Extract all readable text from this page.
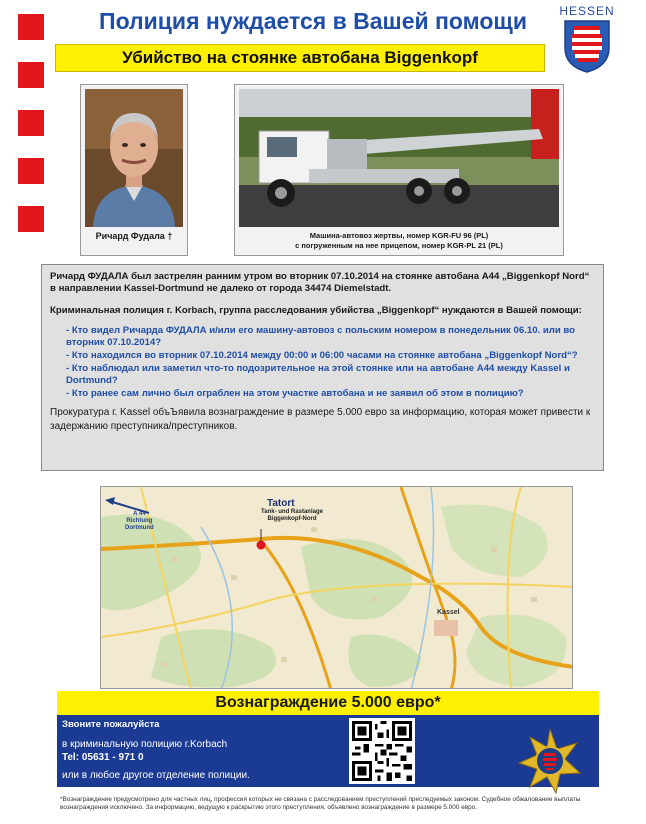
Полиция нуждается в Вашей помощи
Убийство на стоянке автобана Biggenkopf
HESSEN
Ричард Фудала †	Машина-автовоз жертвы, номер KGR-FU 96 (PL)
с погруженным на нее прицепом, номер KGR-PL 21 (PL)
Ричард ФУДАЛА был застрелян ранним утром во вторник 07.10.2014 на стоянке автобана A44 „Biggenkopf Nord“ в направлении Kassel-Dortmund не далеко от города 34474 Diemelstadt.
Криминальная полиция г. Korbach, группа расследования убийства „Biggenkopf“ нуждаются в Вашей помощи:
- Кто видел Ричарда ФУДАЛА и/или его машину-автовоз с польским номером в понедельник 06.10. или во вторник 07.10.2014?
- Кто находился во вторник 07.10.2014 между 00:00 и 06:00 часами на стоянке автобана „Biggenkopf Nord“?
- Кто наблюдал или заметил что-то подозрительное на этой стоянке или на автобане A44 между Kassel и Dortmund?
- Кто ранее сам лично был ограблен на этом участке автобана и не заявил об этом в полицию?
Прокуратура г. Kassel объЪявила вознаграждение в размере 5.000 евро за информацию, которая может привести к задержанию преступника/преступников.
A 44
Richtung
Dortmund
Tatort
Tank- und Rastanlage
Biggenkopf-Nord
Kassel
Вознаграждение 5.000 евро*
Звоните пожалуйста
в криминальную полицию г.Korbach
Tel: 05631 - 971 0
или в любое другое отделение полиции.
*Вознаграждение предусмотрено для частных лиц, профессия которых не связана с расследованием преступлений преследуемых законом. Судебное обжалование выплаты вознаграждения исключено. За информацию, ведущую к раскрытию этого преступления, объявлено вознаграждение в размере 5.000 евро.
